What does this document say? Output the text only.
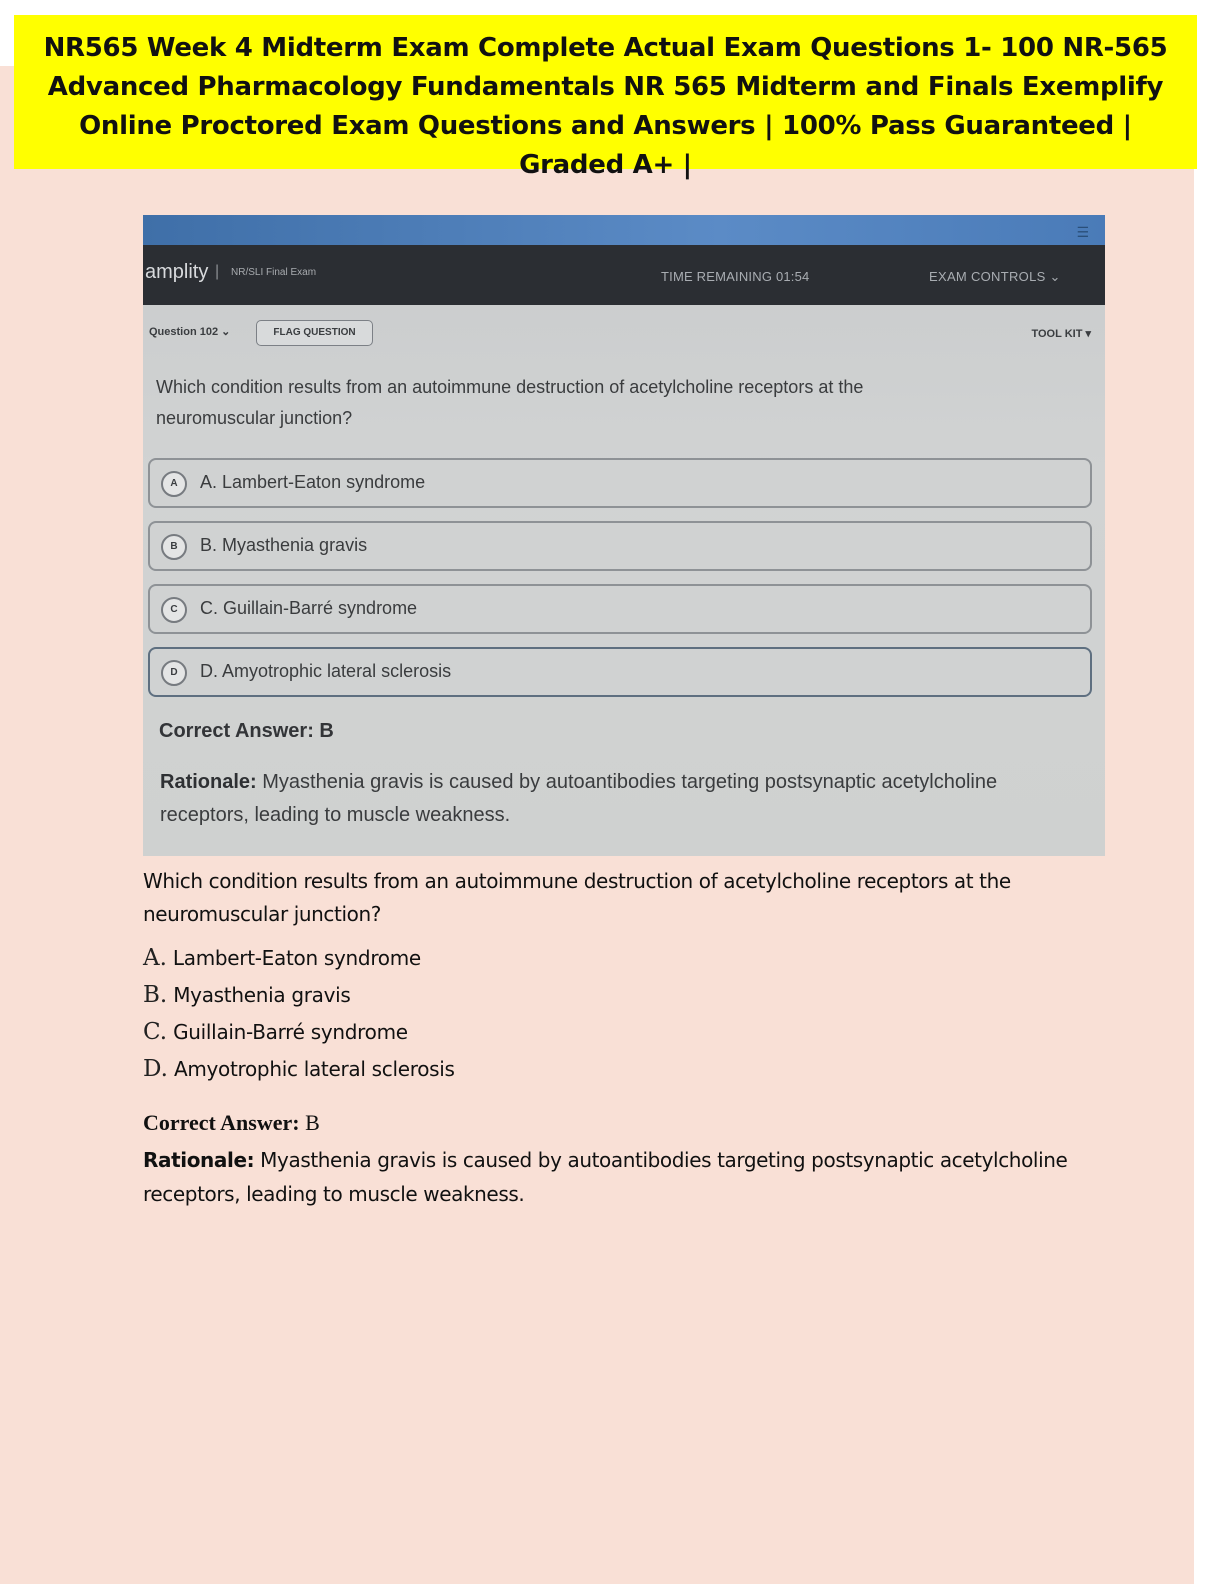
NR565 Week 4 Midterm Exam Complete Actual Exam Questions 1- 100 NR-565 Advanced Pharmacology Fundamentals NR 565 Midterm and Finals Exemplify Online Proctored Exam Questions and Answers | 100% Pass Guaranteed | Graded A+ |
☰
amplity | NR/SLI Final Exam	TIME REMAINING 01:54	EXAM CONTROLS ⌄
Question 102 ⌄	FLAG QUESTION	TOOL KIT ▾
Which condition results from an autoimmune destruction of acetylcholine receptors at the neuromuscular junction?
A	A. Lambert-Eaton syndrome
B	B. Myasthenia gravis
C	C. Guillain-Barré syndrome
D	D. Amyotrophic lateral sclerosis
Correct Answer: B
Rationale: Myasthenia gravis is caused by autoantibodies targeting postsynaptic acetylcholine receptors, leading to muscle weakness.
Which condition results from an autoimmune destruction of acetylcholine receptors at the neuromuscular junction?
A. Lambert-Eaton syndrome
B. Myasthenia gravis
C. Guillain-Barré syndrome
D. Amyotrophic lateral sclerosis
Correct Answer: B
Rationale: Myasthenia gravis is caused by autoantibodies targeting postsynaptic acetylcholine receptors, leading to muscle weakness.
